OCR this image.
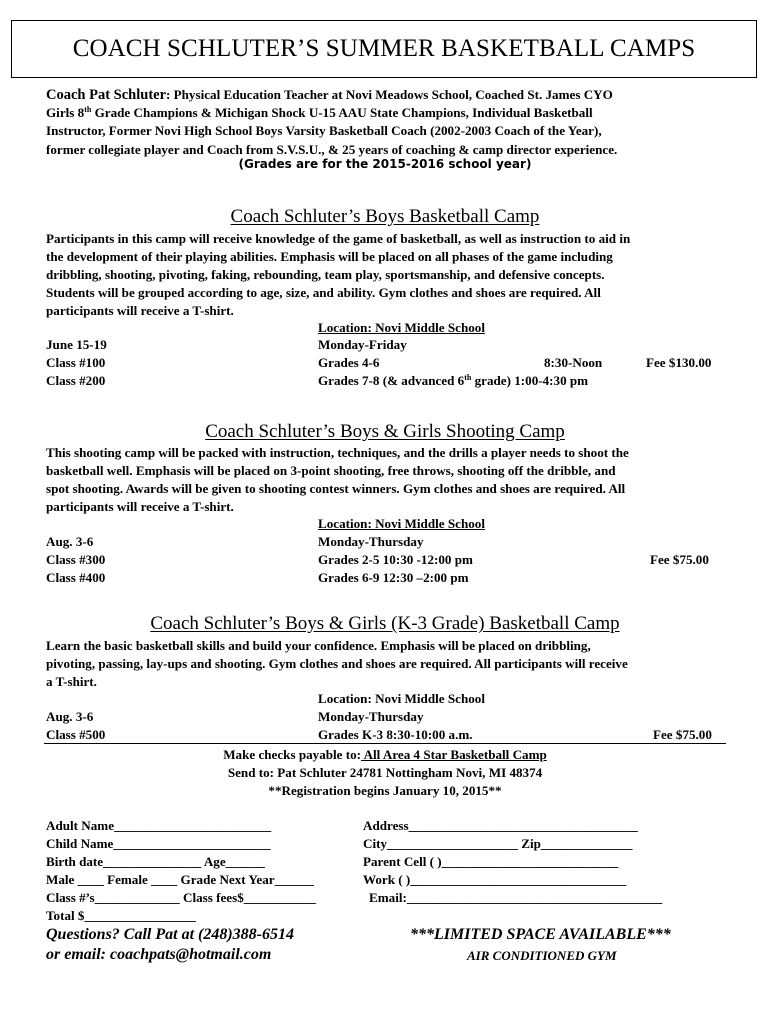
COACH SCHLUTER’S SUMMER BASKETBALL CAMPS
Coach Pat Schluter: Physical Education Teacher at Novi Meadows School, Coached St. James CYO
Girls 8th Grade Champions & Michigan Shock U-15 AAU State Champions, Individual Basketball
Instructor, Former Novi High School Boys Varsity Basketball Coach (2002-2003 Coach of the Year),
former collegiate player and Coach from S.V.S.U., & 25 years of coaching & camp director experience.
(Grades are for the 2015-2016 school year)
Coach Schluter’s Boys Basketball Camp
Participants in this camp will receive knowledge of the game of basketball, as well as instruction to aid in
the development of their playing abilities. Emphasis will be placed on all phases of the game including
dribbling, shooting, pivoting, faking, rebounding, team play, sportsmanship, and defensive concepts.
Students will be grouped according to age, size, and ability. Gym clothes and shoes are required. All
participants will receive a T-shirt.
Location: Novi Middle School
June 15-19	Monday-Friday
Class #100	Grades 4-6	8:30-Noon	Fee $130.00
Class #200	Grades 7-8 (& advanced 6th grade) 1:00-4:30 pm
Coach Schluter’s Boys & Girls Shooting Camp
This shooting camp will be packed with instruction, techniques, and the drills a player needs to shoot the
basketball well. Emphasis will be placed on 3-point shooting, free throws, shooting off the dribble, and
spot shooting. Awards will be given to shooting contest winners. Gym clothes and shoes are required. All
participants will receive a T-shirt.
Location: Novi Middle School
Aug. 3-6	Monday-Thursday
Class #300	Grades 2-5 10:30 -12:00 pm	Fee $75.00
Class #400	Grades 6-9 12:30 –2:00 pm
Coach Schluter’s Boys & Girls (K-3 Grade) Basketball Camp
Learn the basic basketball skills and build your confidence. Emphasis will be placed on dribbling,
pivoting, passing, lay-ups and shooting. Gym clothes and shoes are required. All participants will receive
a T-shirt.
Location: Novi Middle School
Aug. 3-6	Monday-Thursday
Class #500	Grades K-3 8:30-10:00 a.m.	Fee $75.00
Make checks payable to: All Area 4 Star Basketball Camp
Send to: Pat Schluter 24781 Nottingham Novi, MI 48374
**Registration begins January 10, 2015**
Adult Name________________________
Child Name________________________
Birth date_______________ Age______
Male ____ Female ____ Grade Next Year______
Class #’s_____________ Class fees$___________
Total $_________________
Address___________________________________
City____________________ Zip______________
Parent Cell ( )___________________________
Work ( )_________________________________
Email:_______________________________________
Questions? Call Pat at (248)388-6514
or email: coachpats@hotmail.com
***LIMITED SPACE AVAILABLE***
AIR CONDITIONED GYM
